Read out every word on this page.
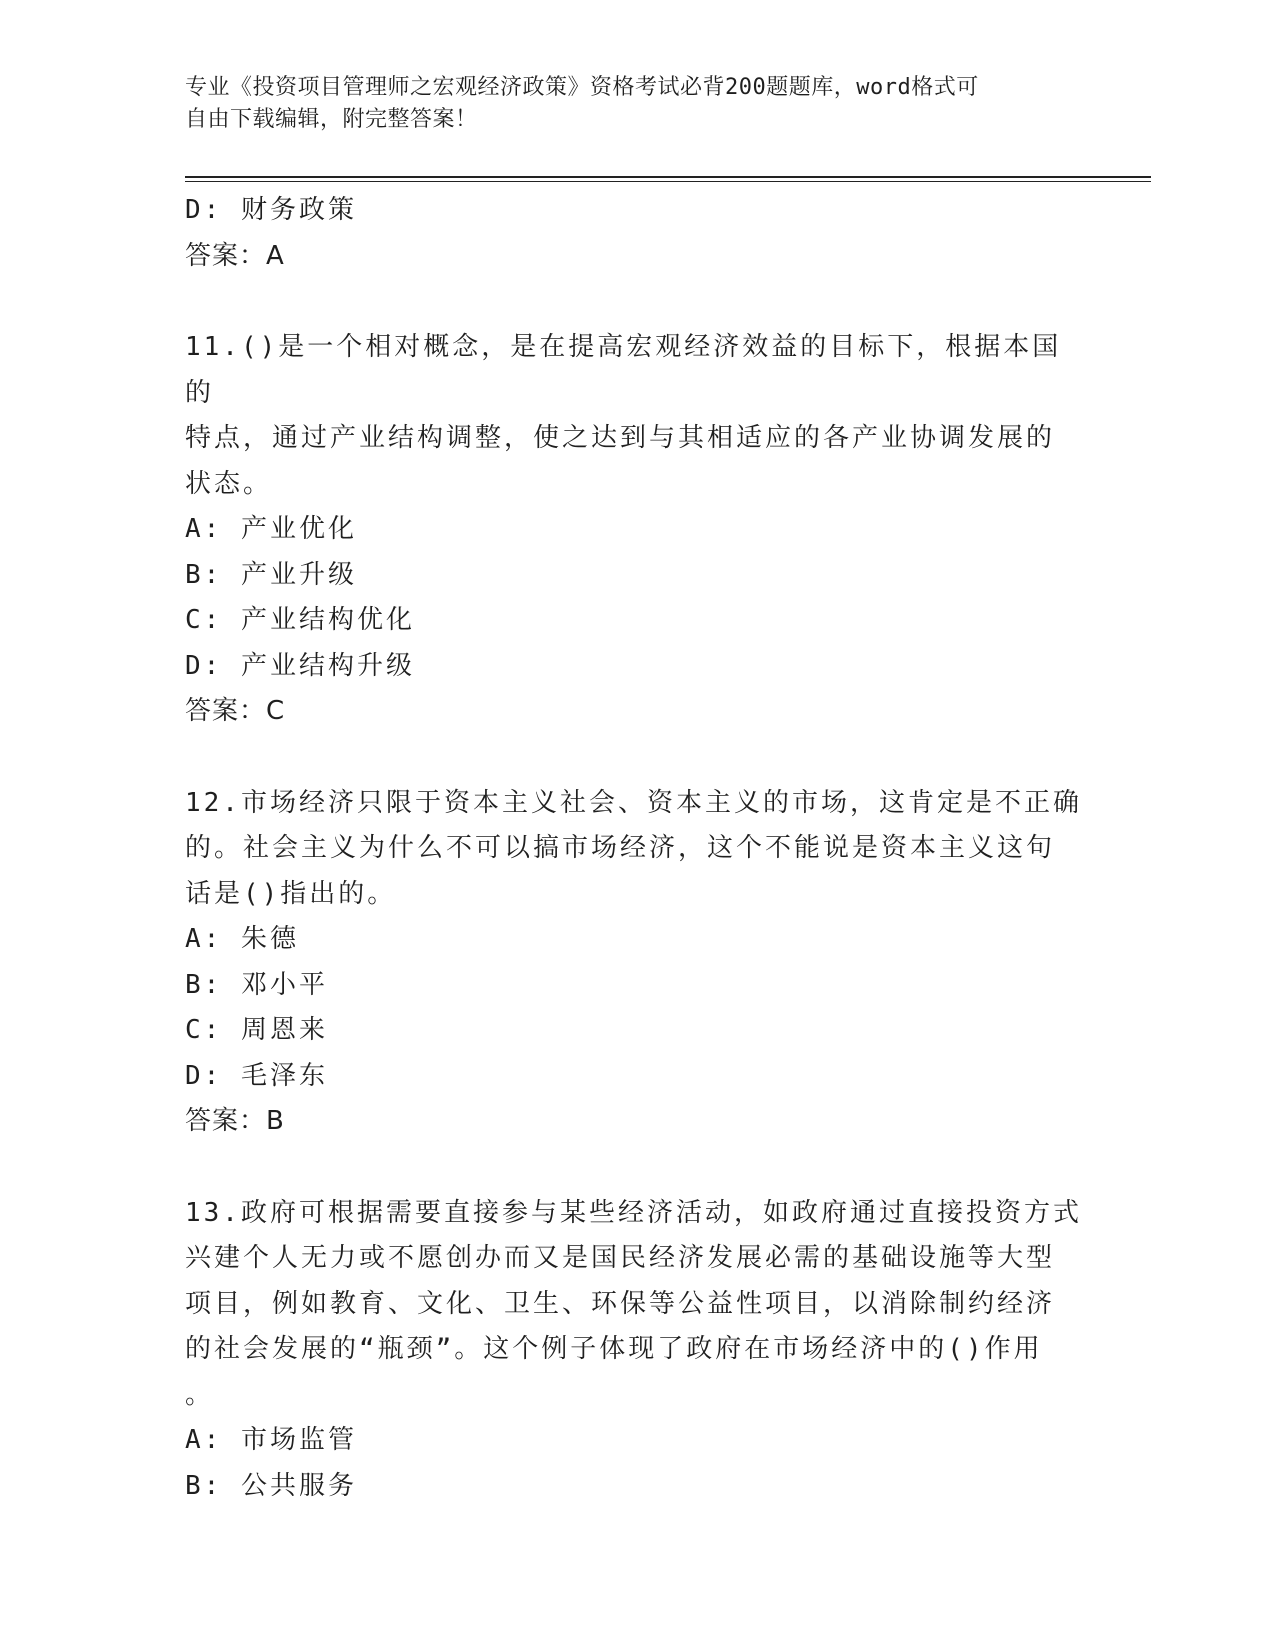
专业《投资项目管理师之宏观经济政策》资格考试必背200题题库，word格式可
自由下载编辑，附完整答案！
D: 财务政策
答案：A
11.()是一个相对概念，是在提高宏观经济效益的目标下，根据本国的
特点，通过产业结构调整，使之达到与其相适应的各产业协调发展的
状态。
A: 产业优化
B: 产业升级
C: 产业结构优化
D: 产业结构升级
答案：C
12.市场经济只限于资本主义社会、资本主义的市场，这肯定是不正确
的。社会主义为什么不可以搞市场经济，这个不能说是资本主义这句
话是()指出的。
A: 朱德
B: 邓小平
C: 周恩来
D: 毛泽东
答案：B
13.政府可根据需要直接参与某些经济活动，如政府通过直接投资方式
兴建个人无力或不愿创办而又是国民经济发展必需的基础设施等大型
项目，例如教育、文化、卫生、环保等公益性项目，以消除制约经济
的社会发展的“瓶颈”。这个例子体现了政府在市场经济中的()作用
。
A: 市场监管
B: 公共服务
